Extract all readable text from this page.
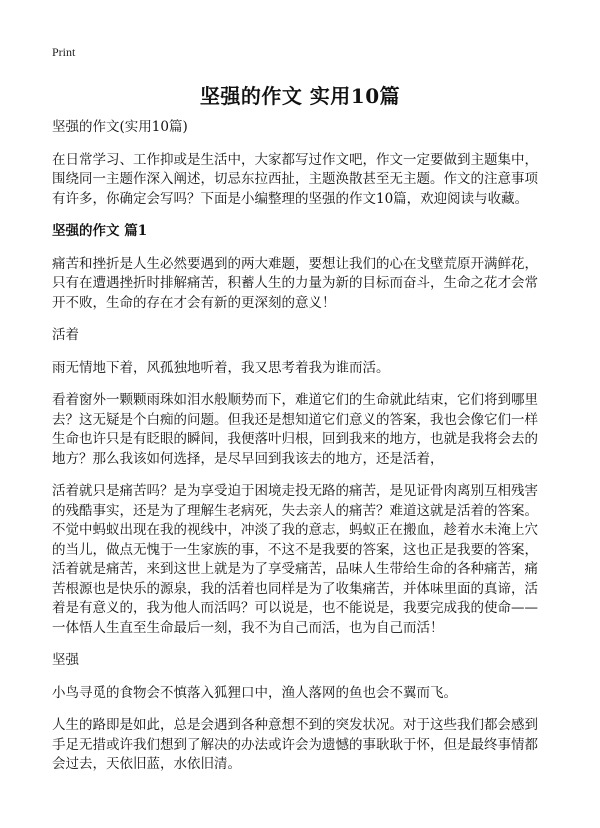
Print
坚强的作文 实用10篇

坚强的作文(实用10篇)

在日常学习、工作抑或是生活中，大家都写过作文吧，作文一定要做到主题集中，围绕同一主题作深入阐述，切忌东拉西扯，主题涣散甚至无主题。作文的注意事项有许多，你确定会写吗？下面是小编整理的坚强的作文10篇，欢迎阅读与收藏。

坚强的作文 篇1

痛苦和挫折是人生必然要遇到的两大难题，要想让我们的心在戈壁荒原开满鲜花，只有在遭遇挫折时排解痛苦，积蓄人生的力量为新的目标而奋斗，生命之花才会常开不败，生命的存在才会有新的更深刻的意义！

活着

雨无情地下着，风孤独地听着，我又思考着我为谁而活。

看着窗外一颗颗雨珠如泪水般顺势而下，难道它们的生命就此结束，它们将到哪里去？这无疑是个白痴的问题。但我还是想知道它们意义的答案，我也会像它们一样生命也许只是有眨眼的瞬间，我便落叶归根，回到我来的地方，也就是我将会去的地方？那么我该如何选择，是尽早回到我该去的地方，还是活着，

活着就只是痛苦吗？是为享受迫于困境走投无路的痛苦，是见证骨肉离别互相残害的残酷事实，还是为了理解生老病死，失去亲人的痛苦？难道这就是活着的答案。不觉中蚂蚁出现在我的视线中，冲淡了我的意志，蚂蚁正在搬血，趁着水未淹上穴的当儿，做点无愧于一生家族的事，不这不是我要的答案，这也正是我要的答案，活着就是痛苦，来到这世上就是为了享受痛苦，品味人生带给生命的各种痛苦，痛苦根源也是快乐的源泉，我的活着也同样是为了收集痛苦，并体味里面的真谛，活着是有意义的，我为他人而活吗？可以说是，也不能说是，我要完成我的使命——一体悟人生直至生命最后一刻，我不为自己而活，也为自己而活！

坚强

小鸟寻觅的食物会不慎落入狐狸口中，渔人落网的鱼也会不翼而飞。

人生的路即是如此，总是会遇到各种意想不到的突发状况。对于这些我们都会感到手足无措或许我们想到了解决的办法或许会为遗憾的事耿耿于怀，但是最终事情都会过去，天依旧蓝，水依旧清。
